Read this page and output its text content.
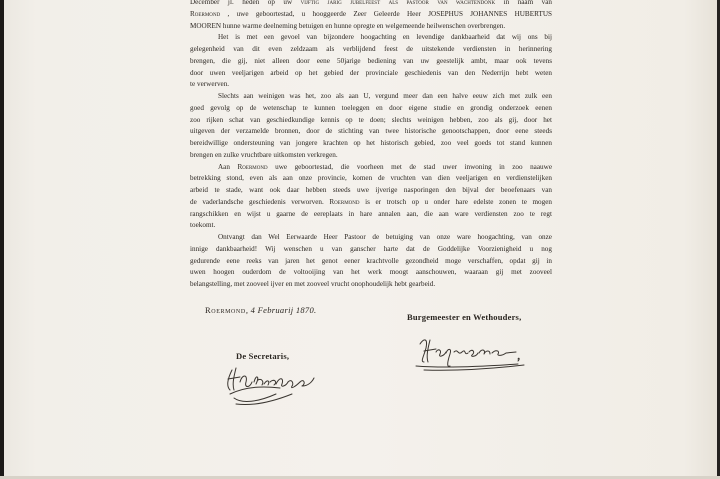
December jl. heden op uw vijftig jarig jubelfeest als pastoor van wachtendonk in naam van
Roermond , uwe geboortestad, u hooggeerde Zeer Geleerde Heer JOSEPHUS JOHANNES HUBERTUS
MOOREN hunne warme deelneming betuigen en hunne opregte en welgemeende heilwenschen overbrengen.
Het is met een gevoel van bijzondere hoogachting en levendige dankbaarheid dat wij ons bij
gelegenheid van dit even zeldzaam als verblijdend feest de uitstekende verdiensten in herinnering
brengen, die gij, niet alleen door eene 50jarige bediening van uw geestelijk ambt, maar ook tevens
door uwen veeljarigen arbeid op het gebied der provinciale geschiedenis van den Nederrijn hebt weten
te verwerven.
Slechts aan weinigen was het, zoo als aan U, vergund meer dan een halve eeuw zich met zulk een
goed gevolg op de wetenschap te kunnen toeleggen en door eigene studie en grondig onderzoek eenen
zoo rijken schat van geschiedkundige kennis op te doen; slechts weinigen hebben, zoo als gij, door het
uitgeven der verzamelde bronnen, door de stichting van twee historische genootschappen, door eene steeds
bereidwillige ondersteuning van jongere krachten op het historisch gebied, zoo veel goeds tot stand kunnen
brengen en zulke vruchtbare uitkomsten verkregen.
Aan Roermond uwe geboortestad, die voorheen met de stad uwer inwoning in zoo naauwe
betrekking stond, even als aan onze provincie, komen de vruchten van dien veeljarigen en verdienstelijken
arbeid te stade, want ook daar hebben steeds uwe ijverige nasporingen den bijval der beoefenaars van
de vaderlandsche geschiedenis verworven. Roermond is er trotsch op u onder hare edelste zonen te mogen
rangschikken en wijst u gaarne de eereplaats in hare annalen aan, die aan ware verdiensten zoo te regt
toekomt.
Ontvangt dan Wel Eerwaarde Heer Pastoor de betuiging van onze ware hoogachting, van onze
innige dankbaarheid! Wij wenschen u van ganscher harte dat de Goddelijke Voorzienigheid u nog
gedurende eene reeks van jaren het genot eener krachtvolle gezondheid moge verschaffen, opdat gij in
uwen hoogen ouderdom de voltooijing van het werk moogt aanschouwen, waaraan gij met zooveel
belangstelling, met zooveel ijver en met zooveel vrucht onophoudelijk hebt gearbeid.
Roermond, 4 Februarij 1870.
Burgemeester en Wethouders,
De Secretaris,
